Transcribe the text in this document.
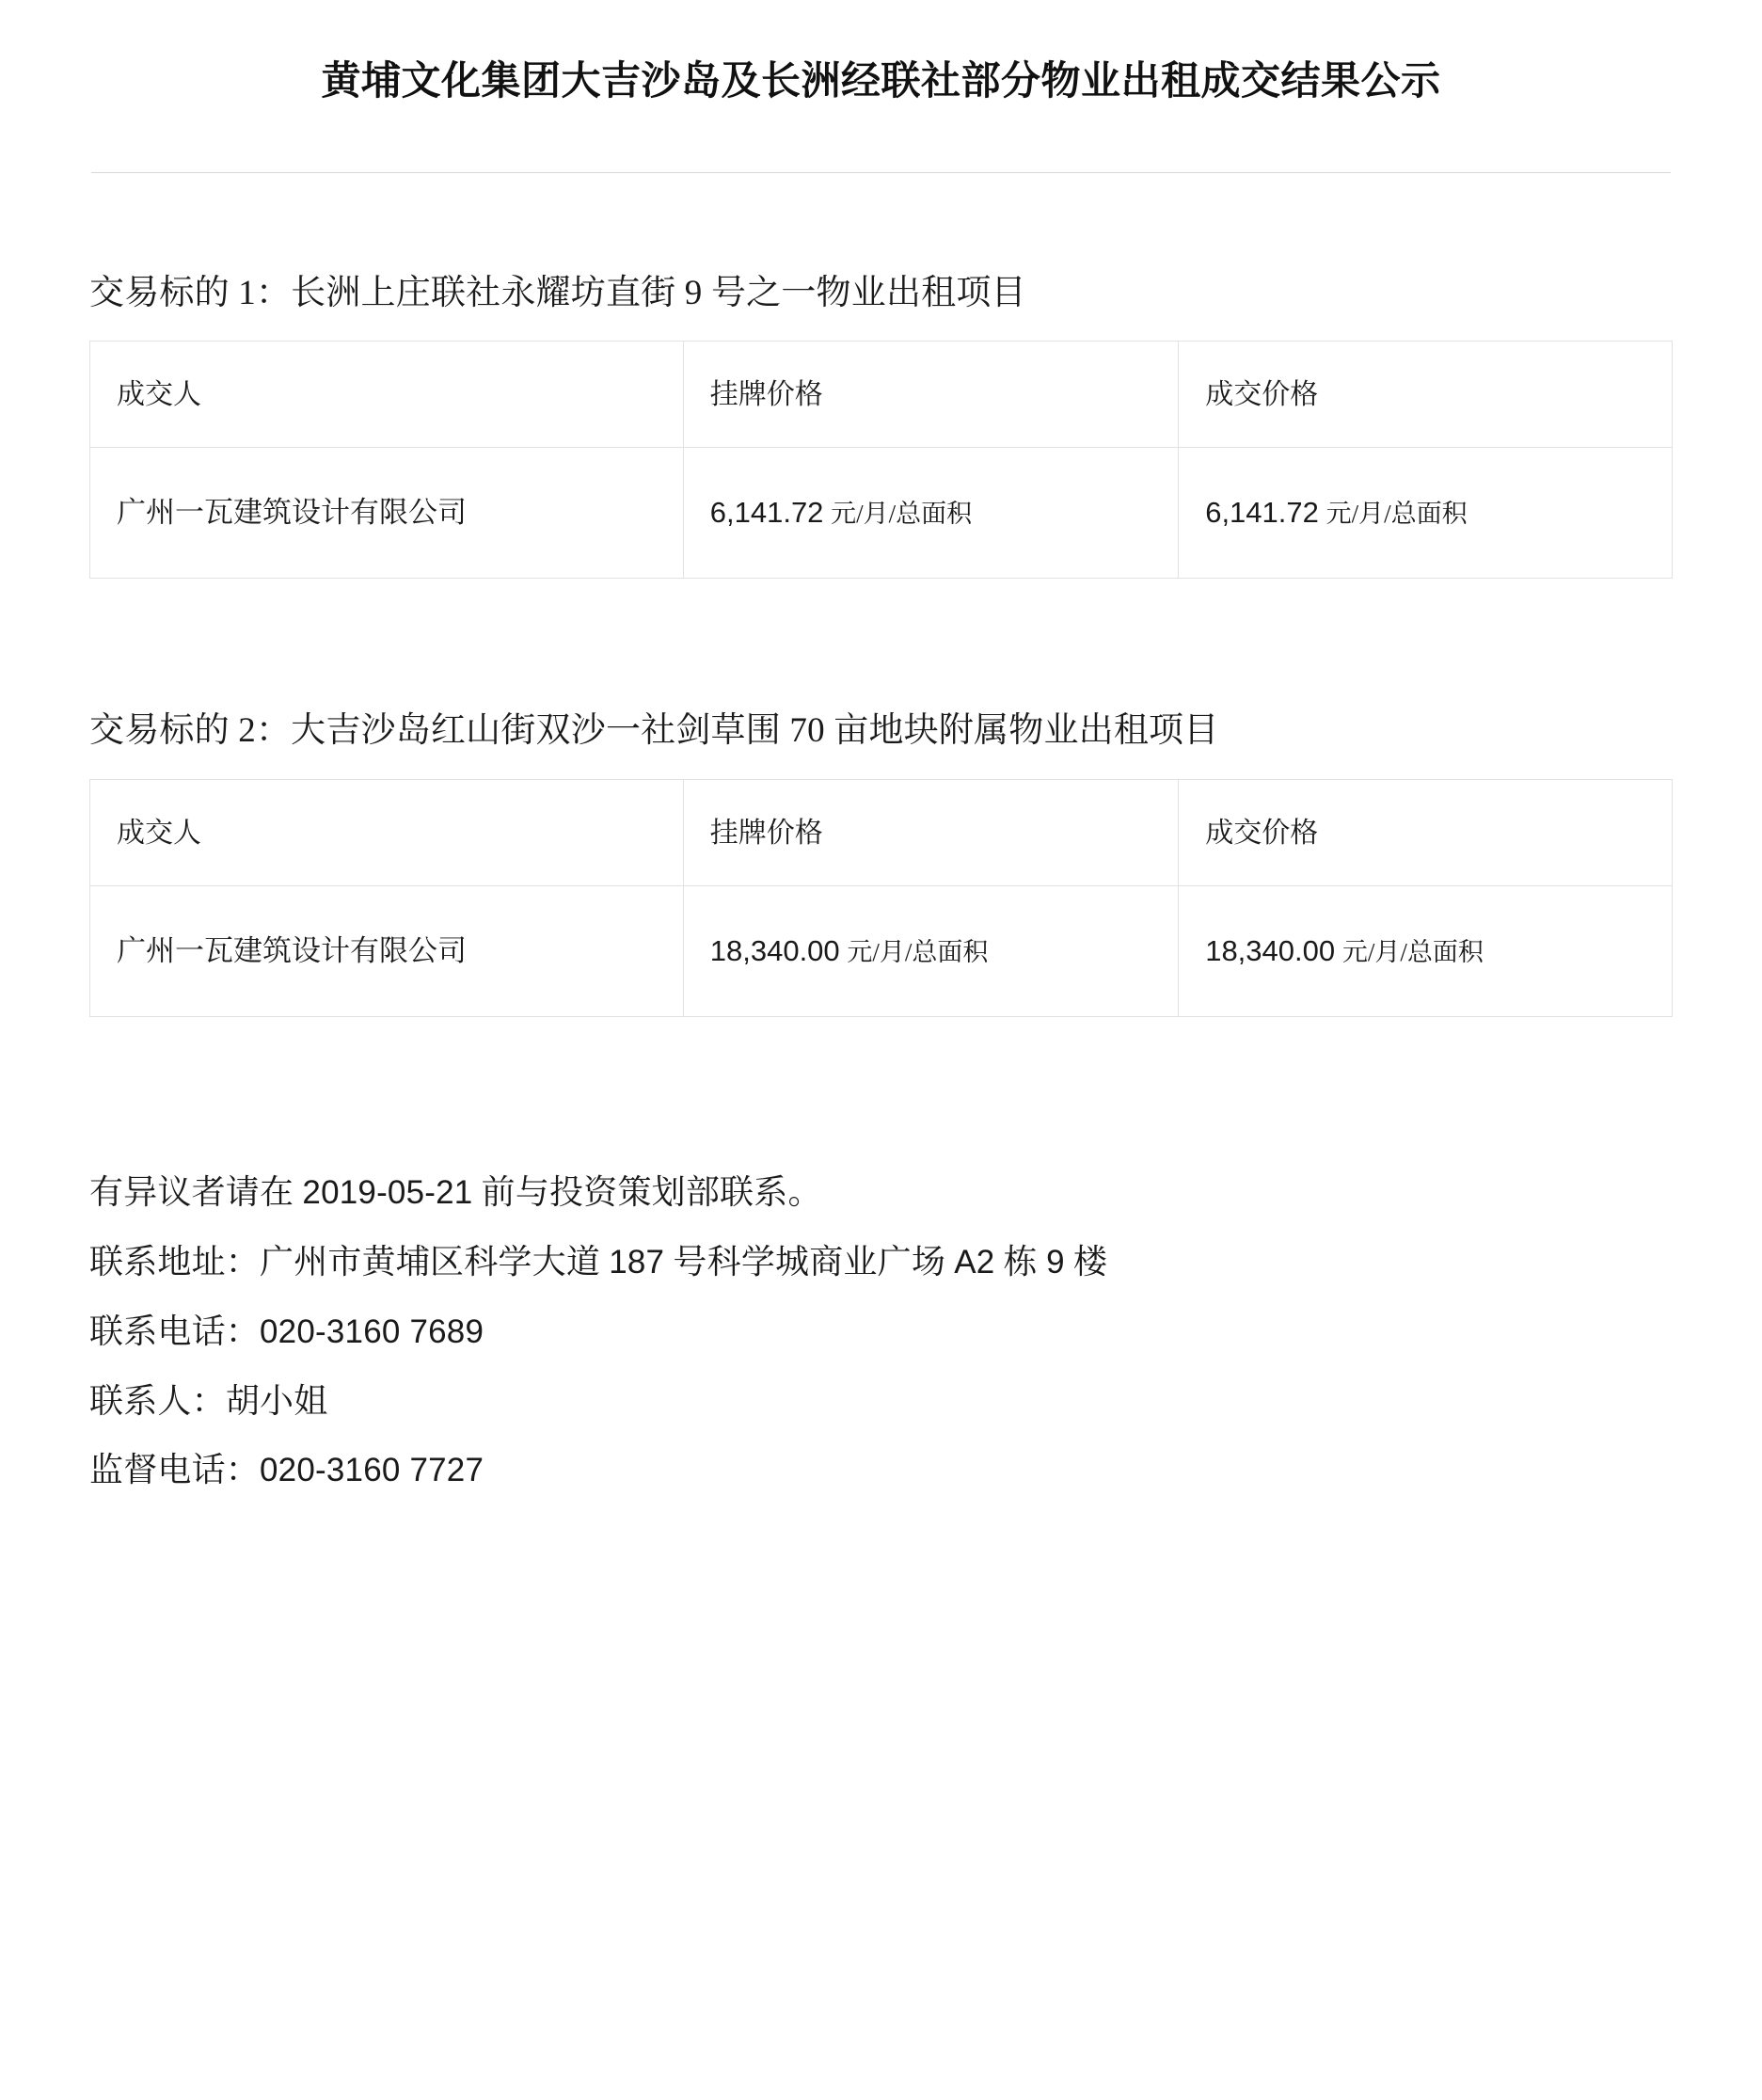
黄埔文化集团大吉沙岛及长洲经联社部分物业出租成交结果公示
交易标的 1：长洲上庄联社永耀坊直街 9 号之一物业出租项目
成交人	挂牌价格	成交价格
广州一瓦建筑设计有限公司	6,141.72 元/月/总面积	6,141.72 元/月/总面积
交易标的 2：大吉沙岛红山街双沙一社剑草围 70 亩地块附属物业出租项目
成交人	挂牌价格	成交价格
广州一瓦建筑设计有限公司	18,340.00 元/月/总面积	18,340.00 元/月/总面积
有异议者请在 2019-05-21 前与投资策划部联系。
联系地址：广州市黄埔区科学大道 187 号科学城商业广场 A2 栋 9 楼
联系电话：020-3160 7689
联系人：胡小姐
监督电话：020-3160 7727
